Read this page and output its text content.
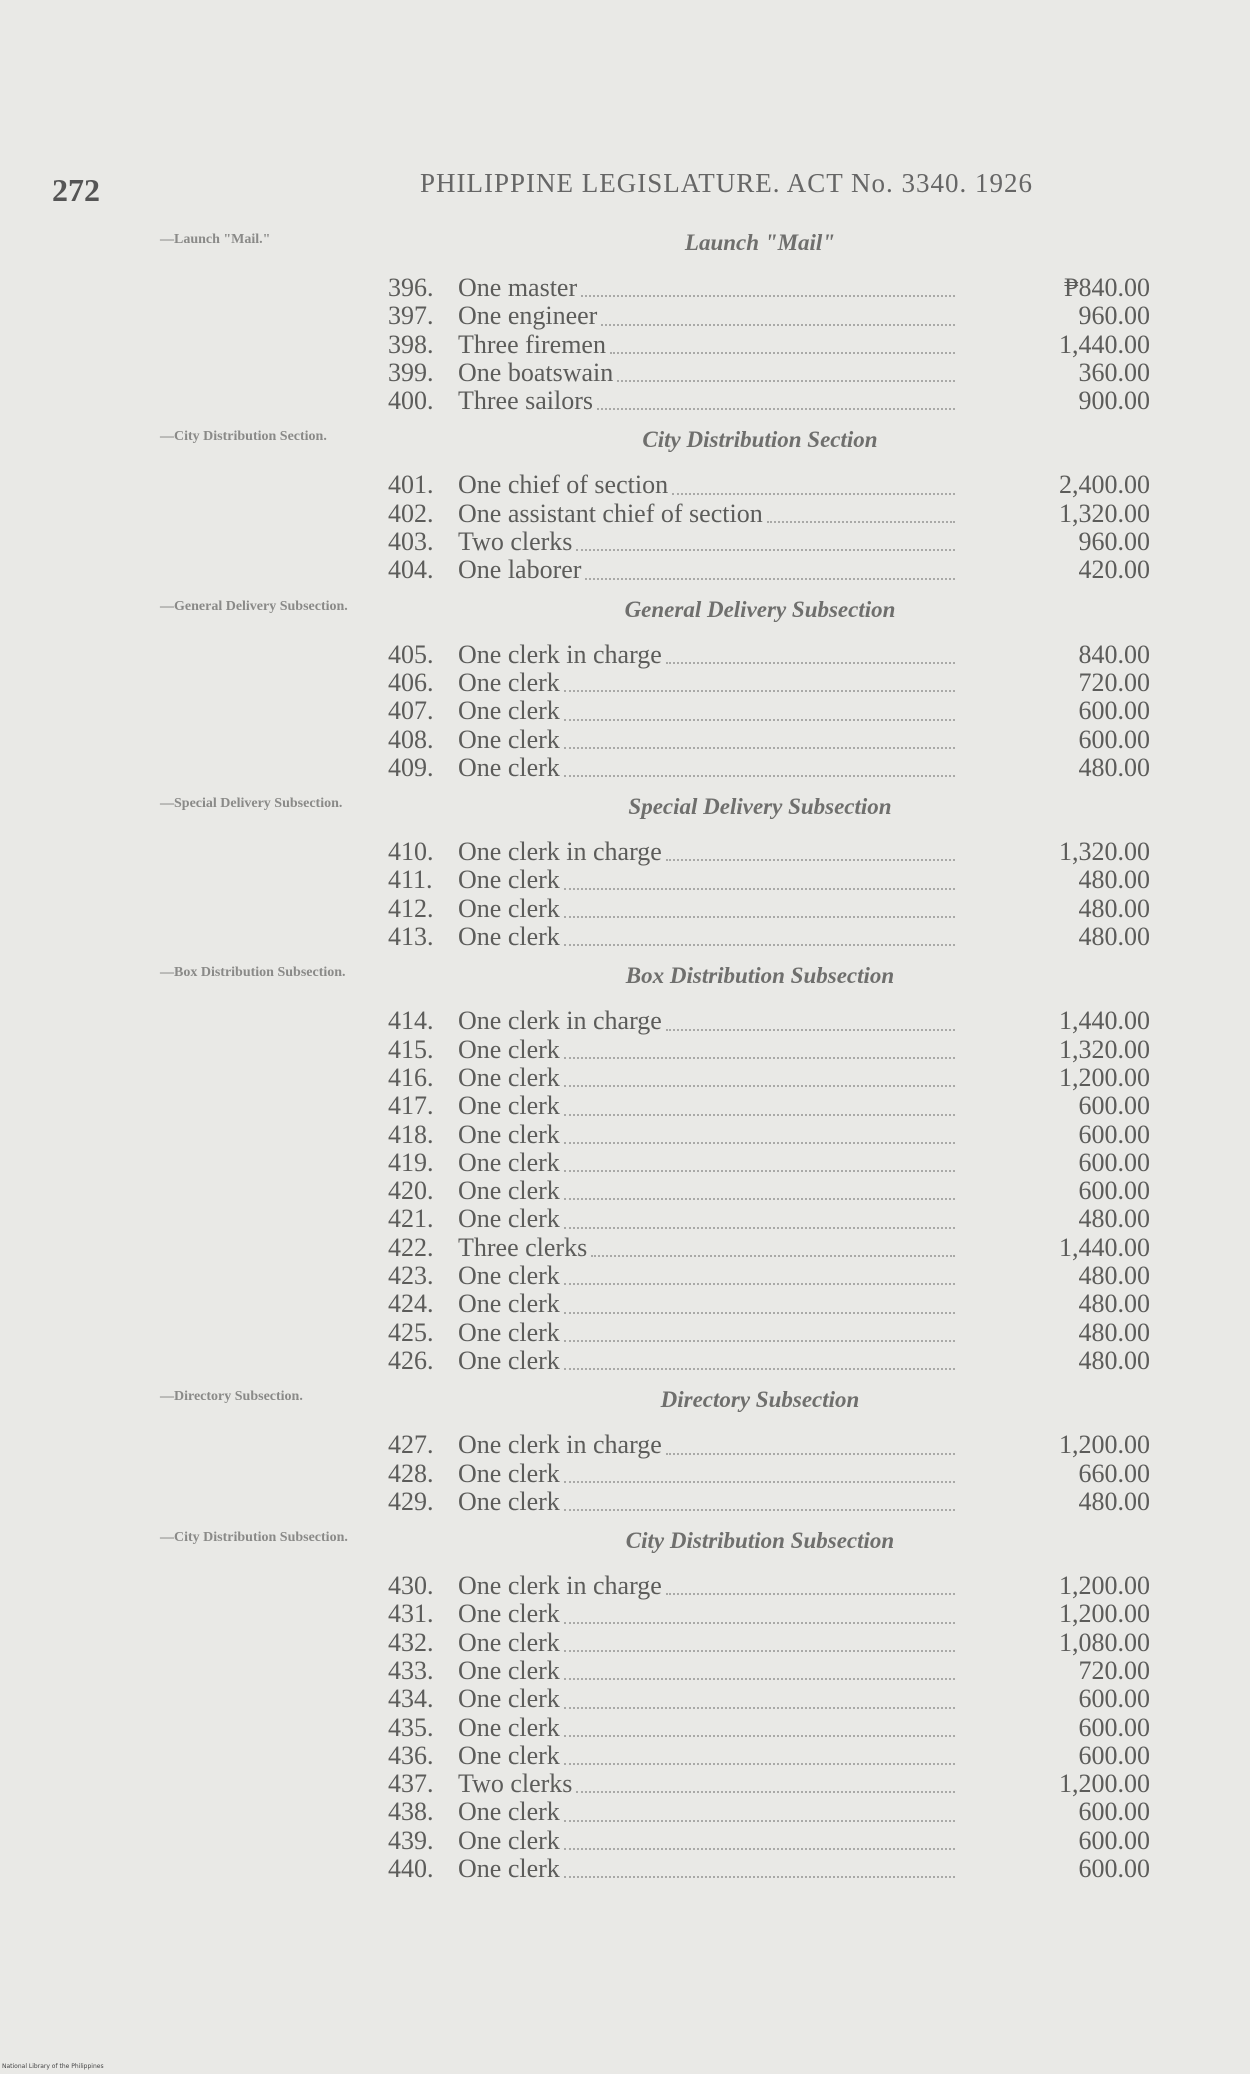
272	PHILIPPINE LEGISLATURE. ACT No. 3340. 1926
—Launch "Mail."	Launch "Mail"
396. One master	₱840.00
397. One engineer	960.00
398. Three firemen	1,440.00
399. One boatswain	360.00
400. Three sailors	900.00
—City Distribution Section.	City Distribution Section
401. One chief of section	2,400.00
402. One assistant chief of section	1,320.00
403. Two clerks	960.00
404. One laborer	420.00
—General Delivery Subsection.	General Delivery Subsection
405. One clerk in charge	840.00
406. One clerk	720.00
407. One clerk	600.00
408. One clerk	600.00
409. One clerk	480.00
—Special Delivery Subsection.	Special Delivery Subsection
410. One clerk in charge	1,320.00
411. One clerk	480.00
412. One clerk	480.00
413. One clerk	480.00
—Box Distribution Subsection.	Box Distribution Subsection
414. One clerk in charge	1,440.00
415. One clerk	1,320.00
416. One clerk	1,200.00
417. One clerk	600.00
418. One clerk	600.00
419. One clerk	600.00
420. One clerk	600.00
421. One clerk	480.00
422. Three clerks	1,440.00
423. One clerk	480.00
424. One clerk	480.00
425. One clerk	480.00
426. One clerk	480.00
—Directory Subsection.	Directory Subsection
427. One clerk in charge	1,200.00
428. One clerk	660.00
429. One clerk	480.00
—City Distribution Subsection.	City Distribution Subsection
430. One clerk in charge	1,200.00
431. One clerk	1,200.00
432. One clerk	1,080.00
433. One clerk	720.00
434. One clerk	600.00
435. One clerk	600.00
436. One clerk	600.00
437. Two clerks	1,200.00
438. One clerk	600.00
439. One clerk	600.00
440. One clerk	600.00
National Library of the Philippines
